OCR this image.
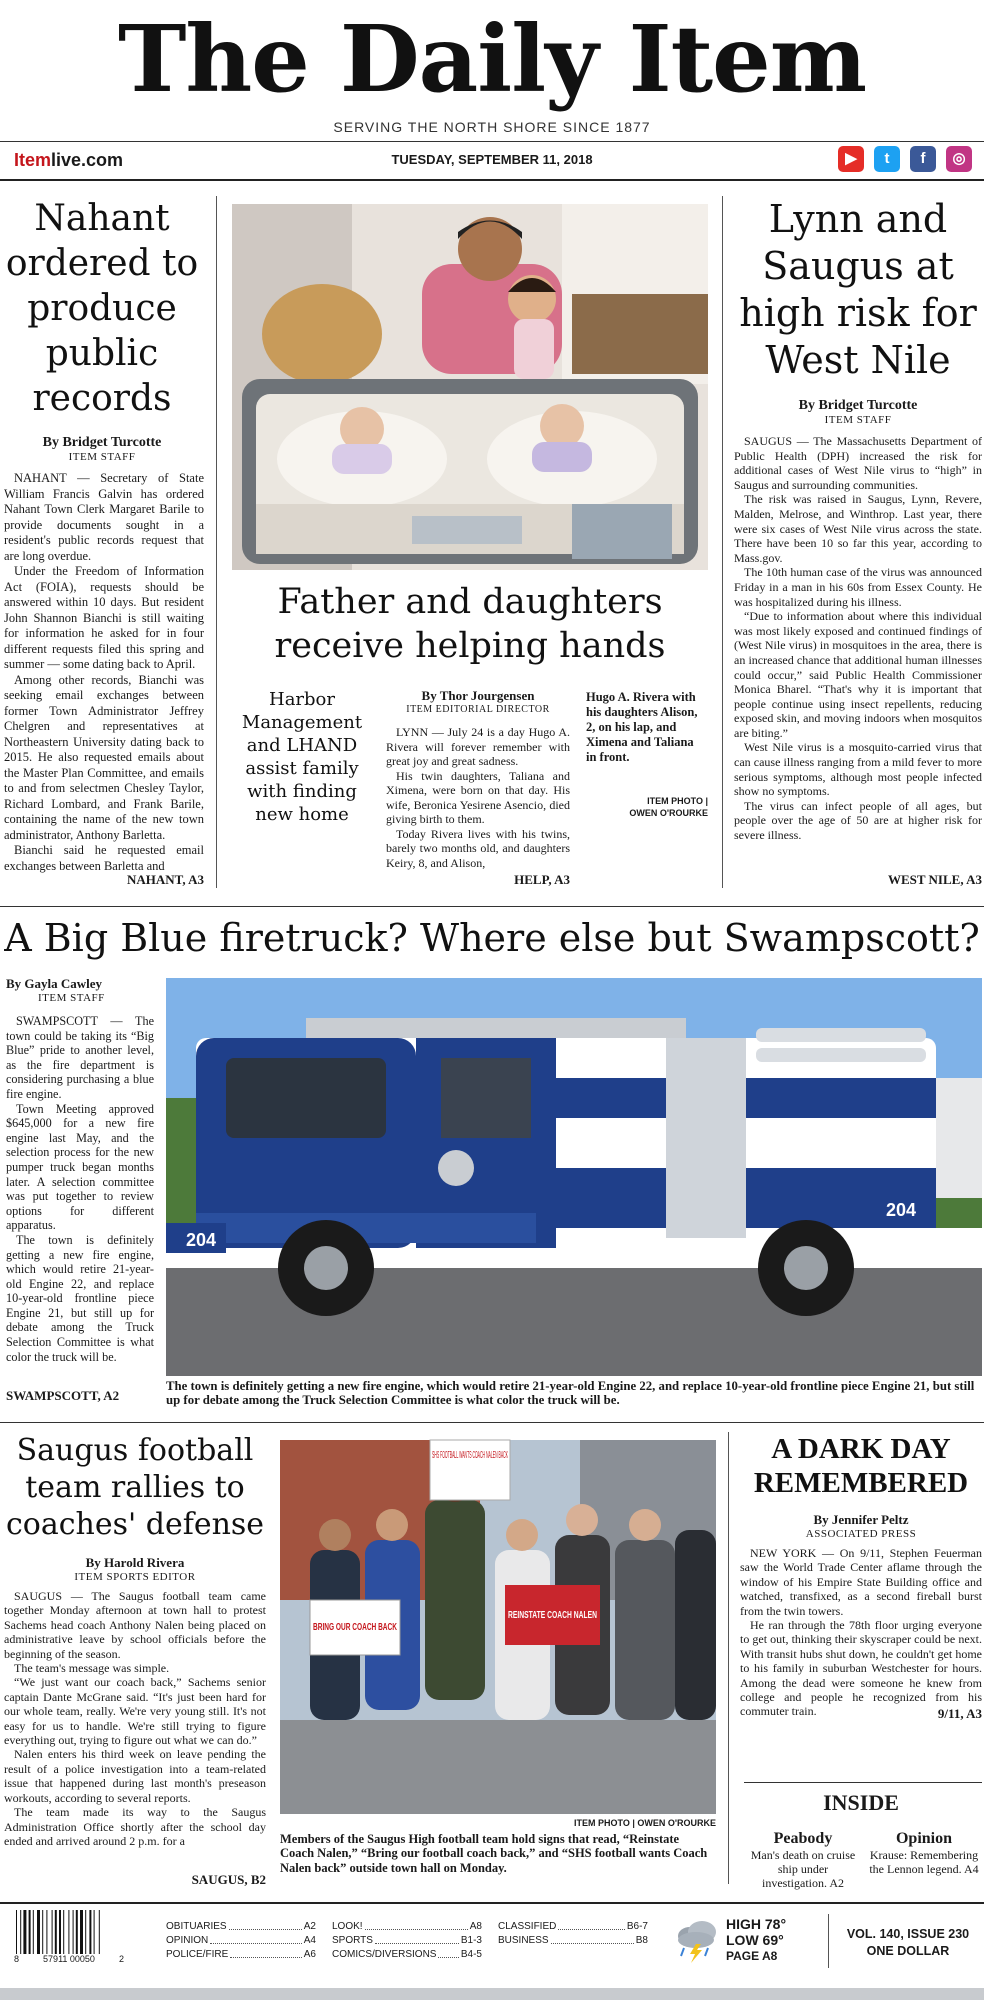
The Daily Item
SERVING THE NORTH SHORE SINCE 1877
Itemlive.com	TUESDAY, SEPTEMBER 11, 2018	▶	t	f	◎
Nahant ordered to produce public records
By Bridget Turcotte
ITEM STAFF

NAHANT — Secretary of State William Francis Galvin has ordered Nahant Town Clerk Margaret Barile to provide documents sought in a resident's public records request that are long overdue.

Under the Freedom of Information Act (FOIA), requests should be answered within 10 days. But resident John Shannon Bianchi is still waiting for information he asked for in four different requests filed this spring and summer — some dating back to April.

Among other records, Bianchi was seeking email exchanges between former Town Administrator Jeffrey Chelgren and representatives at Northeastern University dating back to 2015. He also requested emails about the Master Plan Committee, and emails to and from selectmen Chesley Taylor, Richard Lombard, and Frank Barile, containing the name of the new town administrator, Anthony Barletta.

Bianchi said he requested email exchanges between Barletta and

NAHANT, A3
Father and daughters receive helping hands
Harbor Management and LHAND assist family with finding new home
By Thor Jourgensen
ITEM EDITORIAL DIRECTOR

LYNN — July 24 is a day Hugo A. Rivera will forever remember with great joy and great sadness.

His twin daughters, Taliana and Ximena, were born on that day. His wife, Beronica Yesirene Asencio, died giving birth to them.

Today Rivera lives with his twins, barely two months old, and daughters Keiry, 8, and Alison,

Hugo A. Rivera with his daughters Alison, 2, on his lap, and Ximena and Taliana in front.
ITEM PHOTO |
OWEN O'ROURKE
HELP, A3
Lynn and Saugus at high risk for West Nile
By Bridget Turcotte
ITEM STAFF

SAUGUS — The Massachusetts Department of Public Health (DPH) increased the risk for additional cases of West Nile virus to “high” in Saugus and surrounding communities.

The risk was raised in Saugus, Lynn, Revere, Malden, Melrose, and Winthrop. Last year, there were six cases of West Nile virus across the state. There have been 10 so far this year, according to Mass.gov.

The 10th human case of the virus was announced Friday in a man in his 60s from Essex County. He was hospitalized during his illness.

“Due to information about where this individual was most likely exposed and continued findings of (West Nile virus) in mosquitoes in the area, there is an increased chance that additional human illnesses could occur,” said Public Health Commissioner Monica Bharel. “That's why it is important that people continue using insect repellents, reducing exposed skin, and moving indoors when mosquitos are biting.”

West Nile virus is a mosquito-carried virus that can cause illness ranging from a mild fever to more serious symptoms, although most people infected show no symptoms.

The virus can infect people of all ages, but people over the age of 50 are at higher risk for severe illness.

WEST NILE, A3
A Big Blue firetruck? Where else but Swampscott?
By Gayla Cawley
ITEM STAFF

SWAMPSCOTT — The town could be taking its “Big Blue” pride to another level, as the fire department is considering purchasing a blue fire engine.

Town Meeting approved $645,000 for a new fire engine last May, and the selection process for the new pumper truck began months later. A selection committee was put together to review options for different apparatus.

The town is definitely getting a new fire engine, which would retire 21-year-old Engine 22, and replace 10-year-old frontline piece Engine 21, but still up for debate among the Truck Selection Committee is what color the truck will be.

SWAMPSCOTT, A2
204
204
The town is definitely getting a new fire engine, which would retire 21-year-old Engine 22, and replace 10-year-old frontline piece Engine 21, but still up for debate among the Truck Selection Committee is what color the truck will be.
Saugus football team rallies to coaches' defense
By Harold Rivera
ITEM SPORTS EDITOR

SAUGUS — The Saugus football team came together Monday afternoon at town hall to protest Sachems head coach Anthony Nalen being placed on administrative leave by school officials before the beginning of the season.

The team's message was simple.

“We just want our coach back,” Sachems senior captain Dante McGrane said. “It's just been hard for our whole team, really. We're very young still. It's not easy for us to handle. We're still trying to figure everything out, trying to figure out what we can do.”

Nalen enters his third week on leave pending the result of a police investigation into a team-related issue that happened during last month's preseason workouts, according to several reports.

The team made its way to the Saugus Administration Office shortly after the school day ended and arrived around 2 p.m. for a

SAUGUS, B2
SHS FOOTBALL WANTS COACH NALEN BACK
BRING OUR COACH BACK
REINSTATE COACH NALEN
ITEM PHOTO | OWEN O'ROURKE
Members of the Saugus High football team hold signs that read, “Reinstate Coach Nalen,” “Bring our football coach back,” and “SHS football wants Coach Nalen back” outside town hall on Monday.
A DARK DAY REMEMBERED
By Jennifer Peltz
ASSOCIATED PRESS

NEW YORK — On 9/11, Stephen Feuerman saw the World Trade Center aflame through the window of his Empire State Building office and watched, transfixed, as a second fireball burst from the twin towers.

He ran through the 78th floor urging everyone to get out, thinking their skyscraper could be next. With transit hubs shut down, he couldn't get home to his family in suburban Westchester for hours. Among the dead were someone he knew from college and people he recognized from his commuter train.	9/11, A3
INSIDE
Peabody
Man's death on cruise ship under investigation. A2
Opinion
Krause: Remembering the Lennon legend. A4
8	57911 00050	2
OBITUARIES	A2
OPINION	A4
POLICE/FIRE	A6
LOOK!	A8
SPORTS	B1-3
COMICS/DIVERSIONS B4-5
CLASSIFIED	B6-7
BUSINESS	B8
HIGH 78°
LOW 69°
PAGE A8
VOL. 140, ISSUE 230
ONE DOLLAR
